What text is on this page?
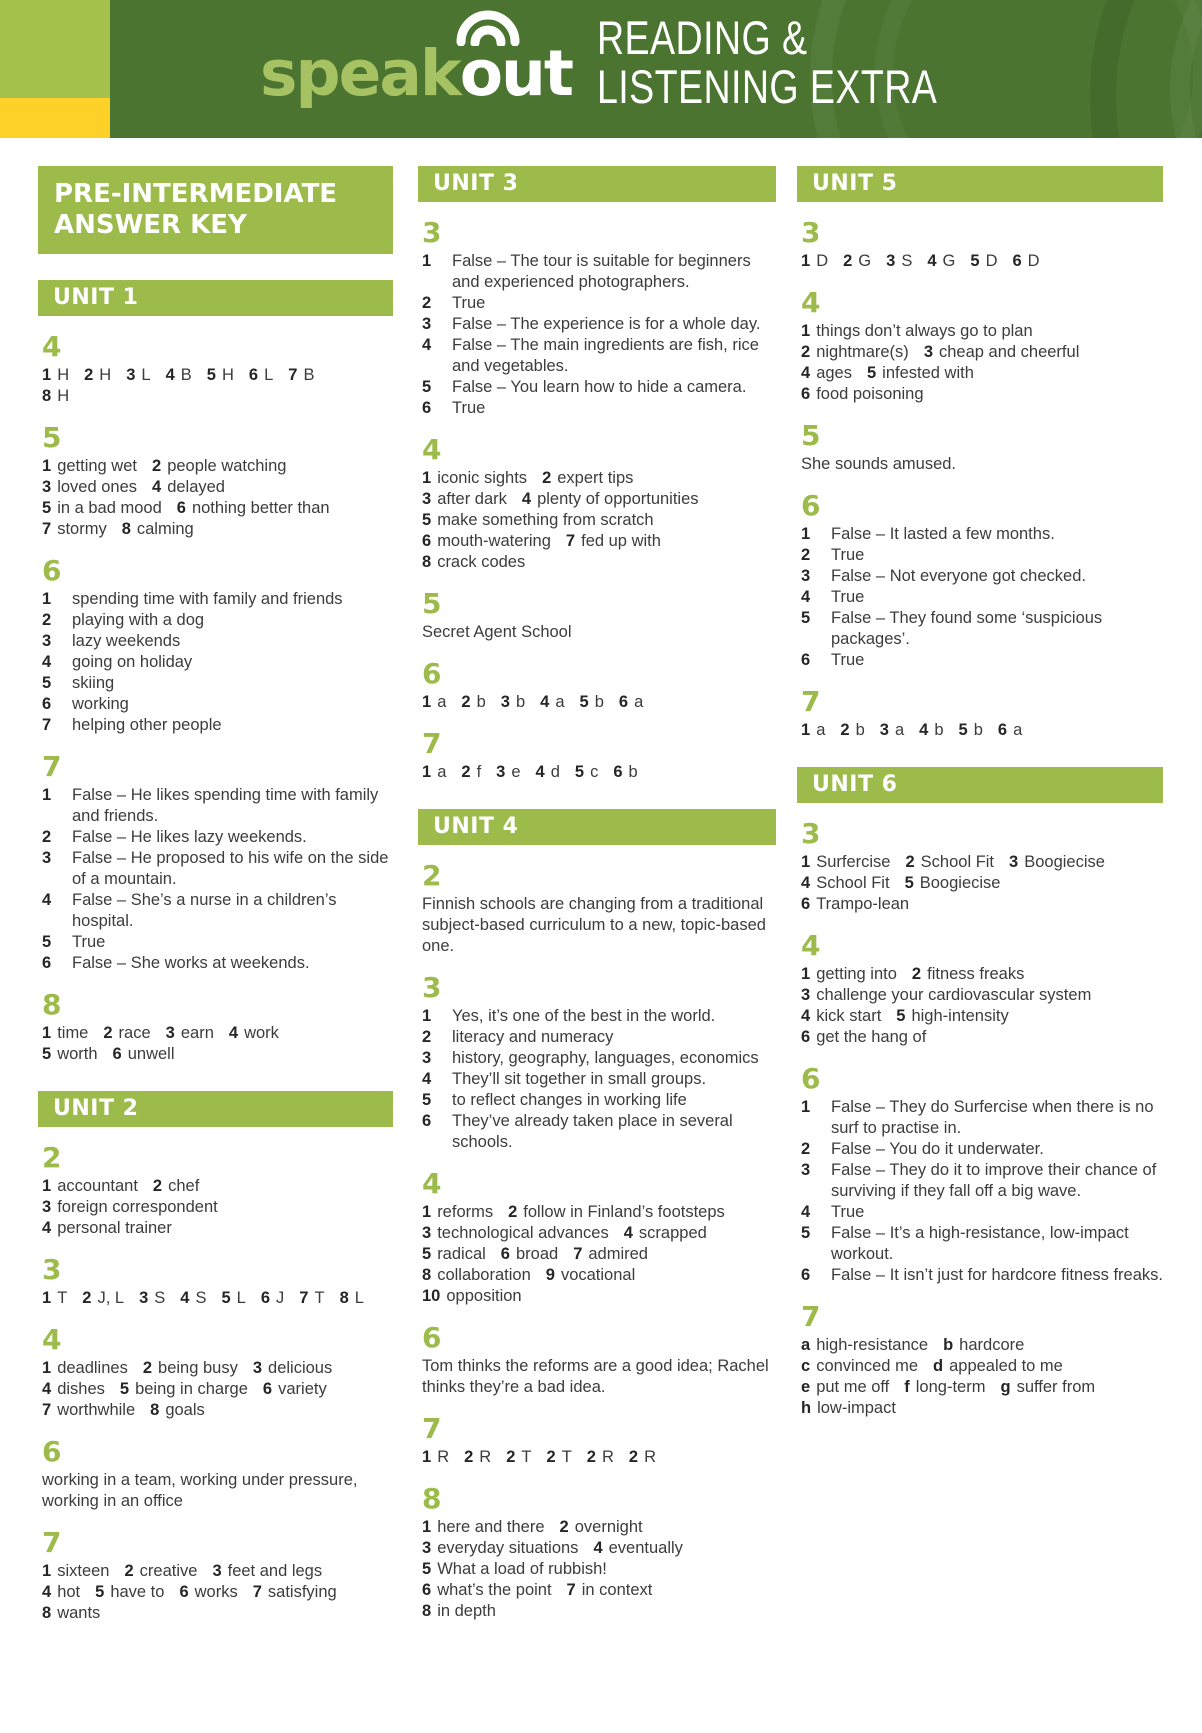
speak
out READING &
LISTENING EXTRA
PRE-INTERMEDIATE ANSWER KEY
UNIT 1
4
1 H 2 H 3 L 4 B 5 H 6 L 7 B
8 H
5
1 getting wet 2 people watching
3 loved ones 4 delayed
5 in a bad mood 6 nothing better than
7 stormy 8 calming
6
1	spending time with family and friends
2	playing with a dog
3	lazy weekends
4	going on holiday
5	skiing
6	working
7	helping other people
7
1	False – He likes spending time with family and friends.
2	False – He likes lazy weekends.
3	False – He proposed to his wife on the side of a mountain.
4	False – She’s a nurse in a children’s hospital.
5	True
6	False – She works at weekends.
8
1 time 2 race 3 earn 4 work
5 worth 6 unwell
UNIT 2
2
1 accountant 2 chef
3 foreign correspondent
4 personal trainer
3
1 T 2 J, L 3 S 4 S 5 L 6 J 7 T 8 L
4
1 deadlines 2 being busy 3 delicious
4 dishes 5 being in charge 6 variety
7 worthwhile 8 goals
6
working in a team, working under pressure, working in an office
7
1 sixteen 2 creative 3 feet and legs
4 hot 5 have to 6 works 7 satisfying
8 wants
UNIT 3
3
1	False – The tour is suitable for beginners and experienced photographers.
2	True
3	False – The experience is for a whole day.
4	False – The main ingredients are fish, rice and vegetables.
5	False – You learn how to hide a camera.
6	True
4
1 iconic sights 2 expert tips
3 after dark 4 plenty of opportunities
5 make something from scratch
6 mouth-watering 7 fed up with
8 crack codes
5
Secret Agent School
6
1 a 2 b 3 b 4 a 5 b 6 a
7
1 a 2 f 3 e 4 d 5 c 6 b
UNIT 4
2
Finnish schools are changing from a traditional subject-based curriculum to a new, topic-based one.
3
1	Yes, it’s one of the best in the world.
2	literacy and numeracy
3	history, geography, languages, economics
4	They’ll sit together in small groups.
5	to reflect changes in working life
6	They’ve already taken place in several schools.
4
1 reforms 2 follow in Finland’s footsteps
3 technological advances 4 scrapped
5 radical 6 broad 7 admired
8 collaboration 9 vocational
10 opposition
6
Tom thinks the reforms are a good idea; Rachel thinks they’re a bad idea.
7
1 R 2 R 2 T 2 T 2 R 2 R
8
1 here and there 2 overnight
3 everyday situations 4 eventually
5 What a load of rubbish!
6 what’s the point 7 in context
8 in depth
UNIT 5
3
1 D 2 G 3 S 4 G 5 D 6 D
4
1 things don’t always go to plan
2 nightmare(s) 3 cheap and cheerful
4 ages 5 infested with
6 food poisoning
5
She sounds amused.
6
1	False – It lasted a few months.
2	True
3	False – Not everyone got checked.
4	True
5	False – They found some ‘suspicious packages’.
6	True
7
1 a 2 b 3 a 4 b 5 b 6 a
UNIT 6
3
1 Surfercise 2 School Fit 3 Boogiecise
4 School Fit 5 Boogiecise
6 Trampo-lean
4
1 getting into 2 fitness freaks
3 challenge your cardiovascular system
4 kick start 5 high-intensity
6 get the hang of
6
1	False – They do Surfercise when there is no surf to practise in.
2	False – You do it underwater.
3	False – They do it to improve their chance of surviving if they fall off a big wave.
4	True
5	False – It’s a high-resistance, low-impact workout.
6	False – It isn’t just for hardcore fitness freaks.
7
a high-resistance b hardcore
c convinced me d appealed to me
e put me off f long-term g suffer from
h low-impact
